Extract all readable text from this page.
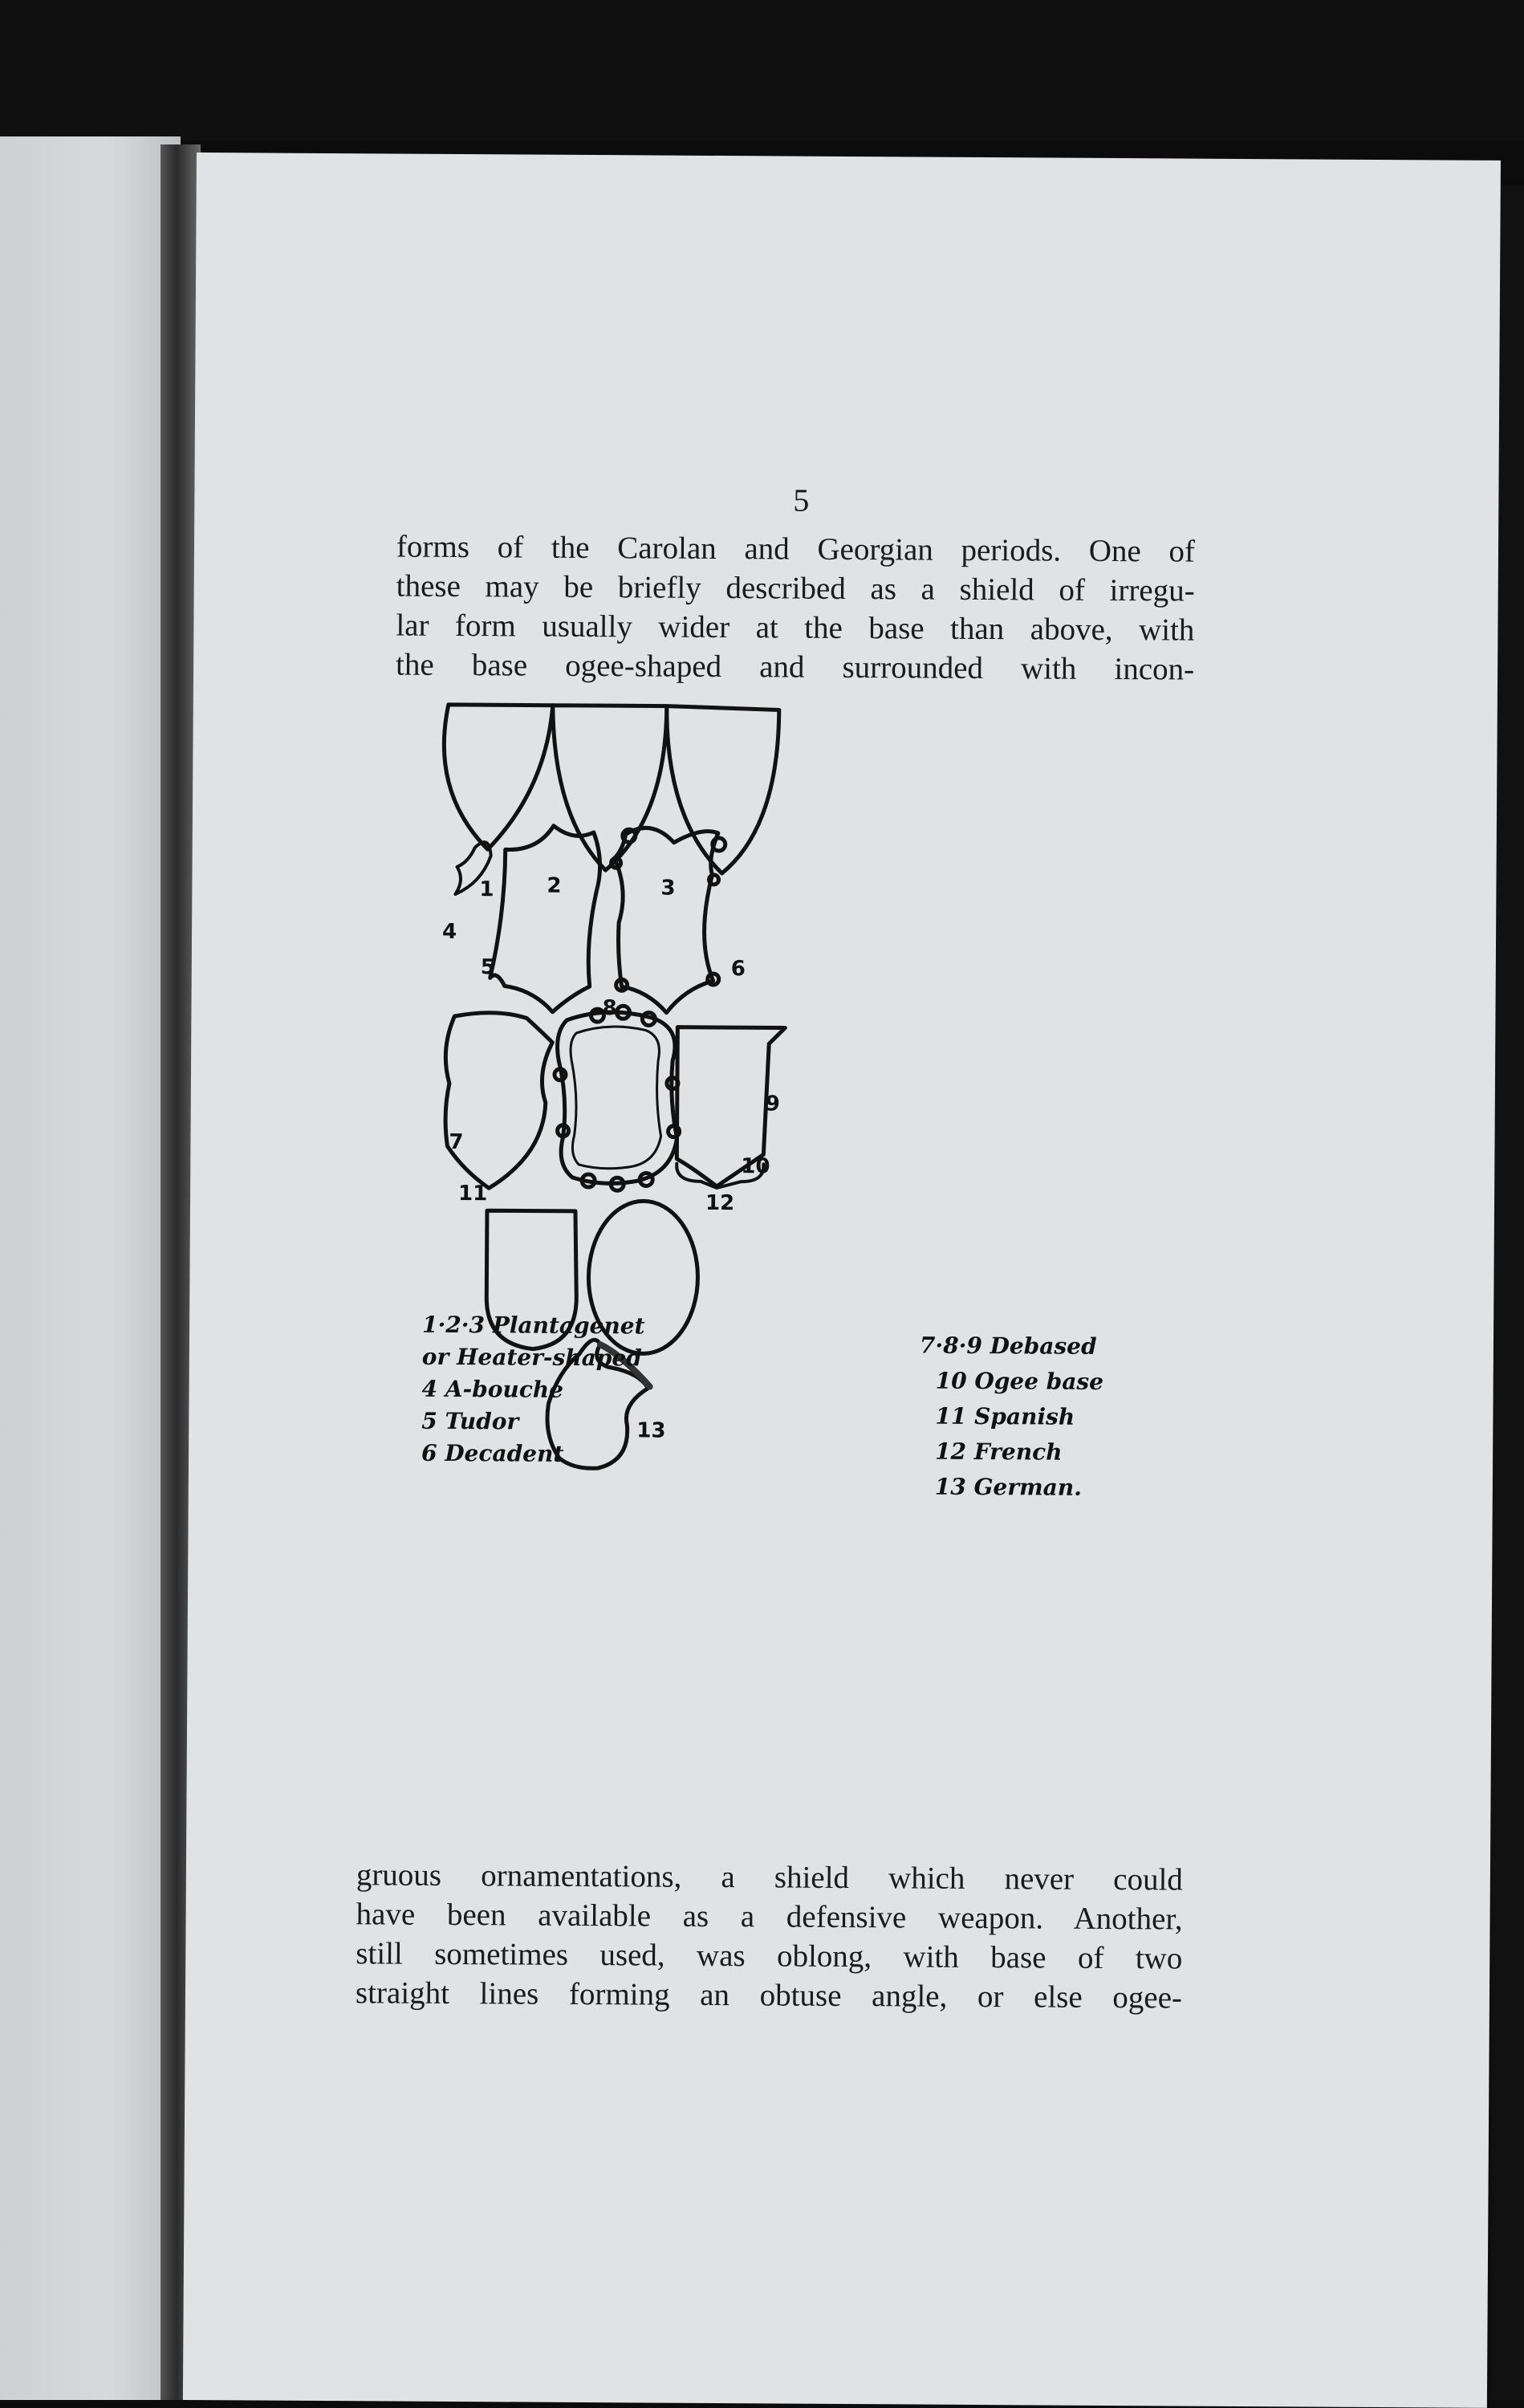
5

forms of the Carolan and Georgian periods. One of
these may be briefly described as a shield of irregu-
lar form usually wider at the base than above, with
the base ogee-shaped and surrounded with incon-

1	2	3
4
5	6
7
8
9
10
11	12
13
1·2·3 Plantagenet
or Heater-shaped
4 A-bouche
5 Tudor
6 Decadent
7·8·9 Debased
10 Ogee base
11 Spanish
12 French
13 German.

gruous ornamentations, a shield which never could
have been available as a defensive weapon. Another,
still sometimes used, was oblong, with base of two
straight lines forming an obtuse angle, or else ogee-
